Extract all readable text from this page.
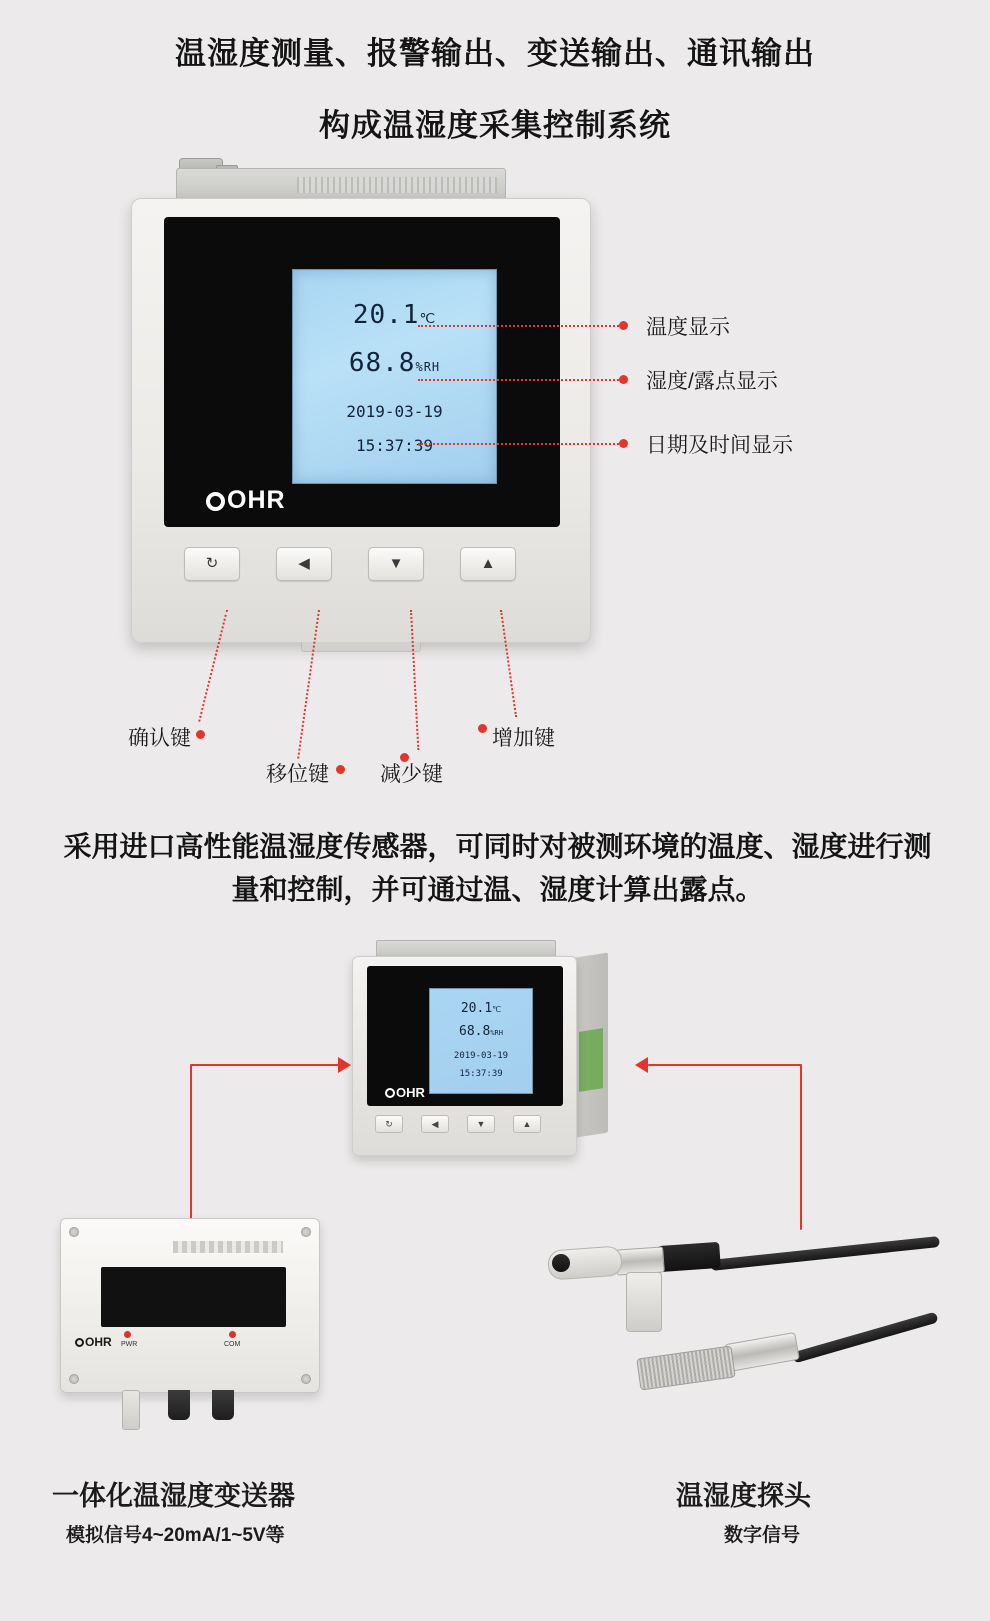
温湿度测量、报警输出、变送输出、通讯输出
构成温湿度采集控制系统
20.1℃
68.8%RH
2019-03-19
15:37:39
OHR
↻	◀	▼	▲
温度显示
湿度/露点显示
日期及时间显示
确认键
移位键 减少键
增加键
采用进口高性能温湿度传感器，可同时对被测环境的温度、湿度进行测量和控制，并可通过温、湿度计算出露点。
20.1℃
68.8%RH
2019-03-19
15:37:39
OHR
↻	◀	▼	▲
PWR	COM
OHR
一体化温湿度变送器
模拟信号4~20mA/1~5V等
温湿度探头
数字信号
